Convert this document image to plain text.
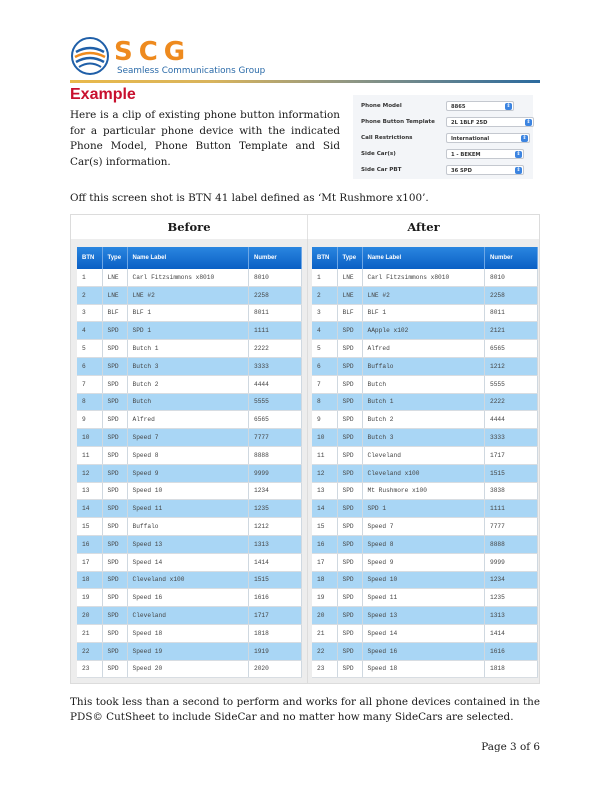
SCG
Seamless Communications Group
Example

Here is a clip of existing phone button information for a particular phone device with the indicated Phone Model, Phone Button Template and Sid Car(s) information.

Phone Model	8865	⇕
Phone Button Template	2L 1BLF 25D	⇕
Call Restrictions	International	⇕
Side Car(s)	1 - BEKEM	⇕
Side Car PBT	36 SPD	⇕

Off this screen shot is BTN 41 label defined as ‘Mt Rushmore x100’.

Before	After
BTN	Type	Name Label	Number
1	LNE	Carl Fitzsimmons x8010	8010
2	LNE	LNE #2	2258
3	BLF	BLF 1	8011
4	SPD	SPD 1	1111
5	SPD	Butch 1	2222
6	SPD	Butch 3	3333
7	SPD	Butch 2	4444
8	SPD	Butch	5555
9	SPD	Alfred	6565
10	SPD	Speed 7	7777
11	SPD	Speed 8	8888
12	SPD	Speed 9	9999
13	SPD	Speed 10	1234
14	SPD	Speed 11	1235
15	SPD	Buffalo	1212
16	SPD	Speed 13	1313
17	SPD	Speed 14	1414
18	SPD	Cleveland x100	1515
19	SPD	Speed 16	1616
20	SPD	Cleveland	1717
21	SPD	Speed 18	1818
22	SPD	Speed 19	1919
23	SPD	Speed 20	2020
BTN	Type	Name Label	Number
1	LNE	Carl Fitzsimmons x8010	8010
2	LNE	LNE #2	2258
3	BLF	BLF 1	8011
4	SPD	AApple x102	2121
5	SPD	Alfred	6565
6	SPD	Buffalo	1212
7	SPD	Butch	5555
8	SPD	Butch 1	2222
9	SPD	Butch 2	4444
10	SPD	Butch 3	3333
11	SPD	Cleveland	1717
12	SPD	Cleveland x100	1515
13	SPD	Mt Rushmore x100	3838
14	SPD	SPD 1	1111
15	SPD	Speed 7	7777
16	SPD	Speed 8	8888
17	SPD	Speed 9	9999
18	SPD	Speed 10	1234
19	SPD	Speed 11	1235
20	SPD	Speed 13	1313
21	SPD	Speed 14	1414
22	SPD	Speed 16	1616
23	SPD	Speed 18	1818

This took less than a second to perform and works for all phone devices contained in the PDS© CutSheet to include SideCar and no matter how many SideCars are selected.

Page 3 of 6
